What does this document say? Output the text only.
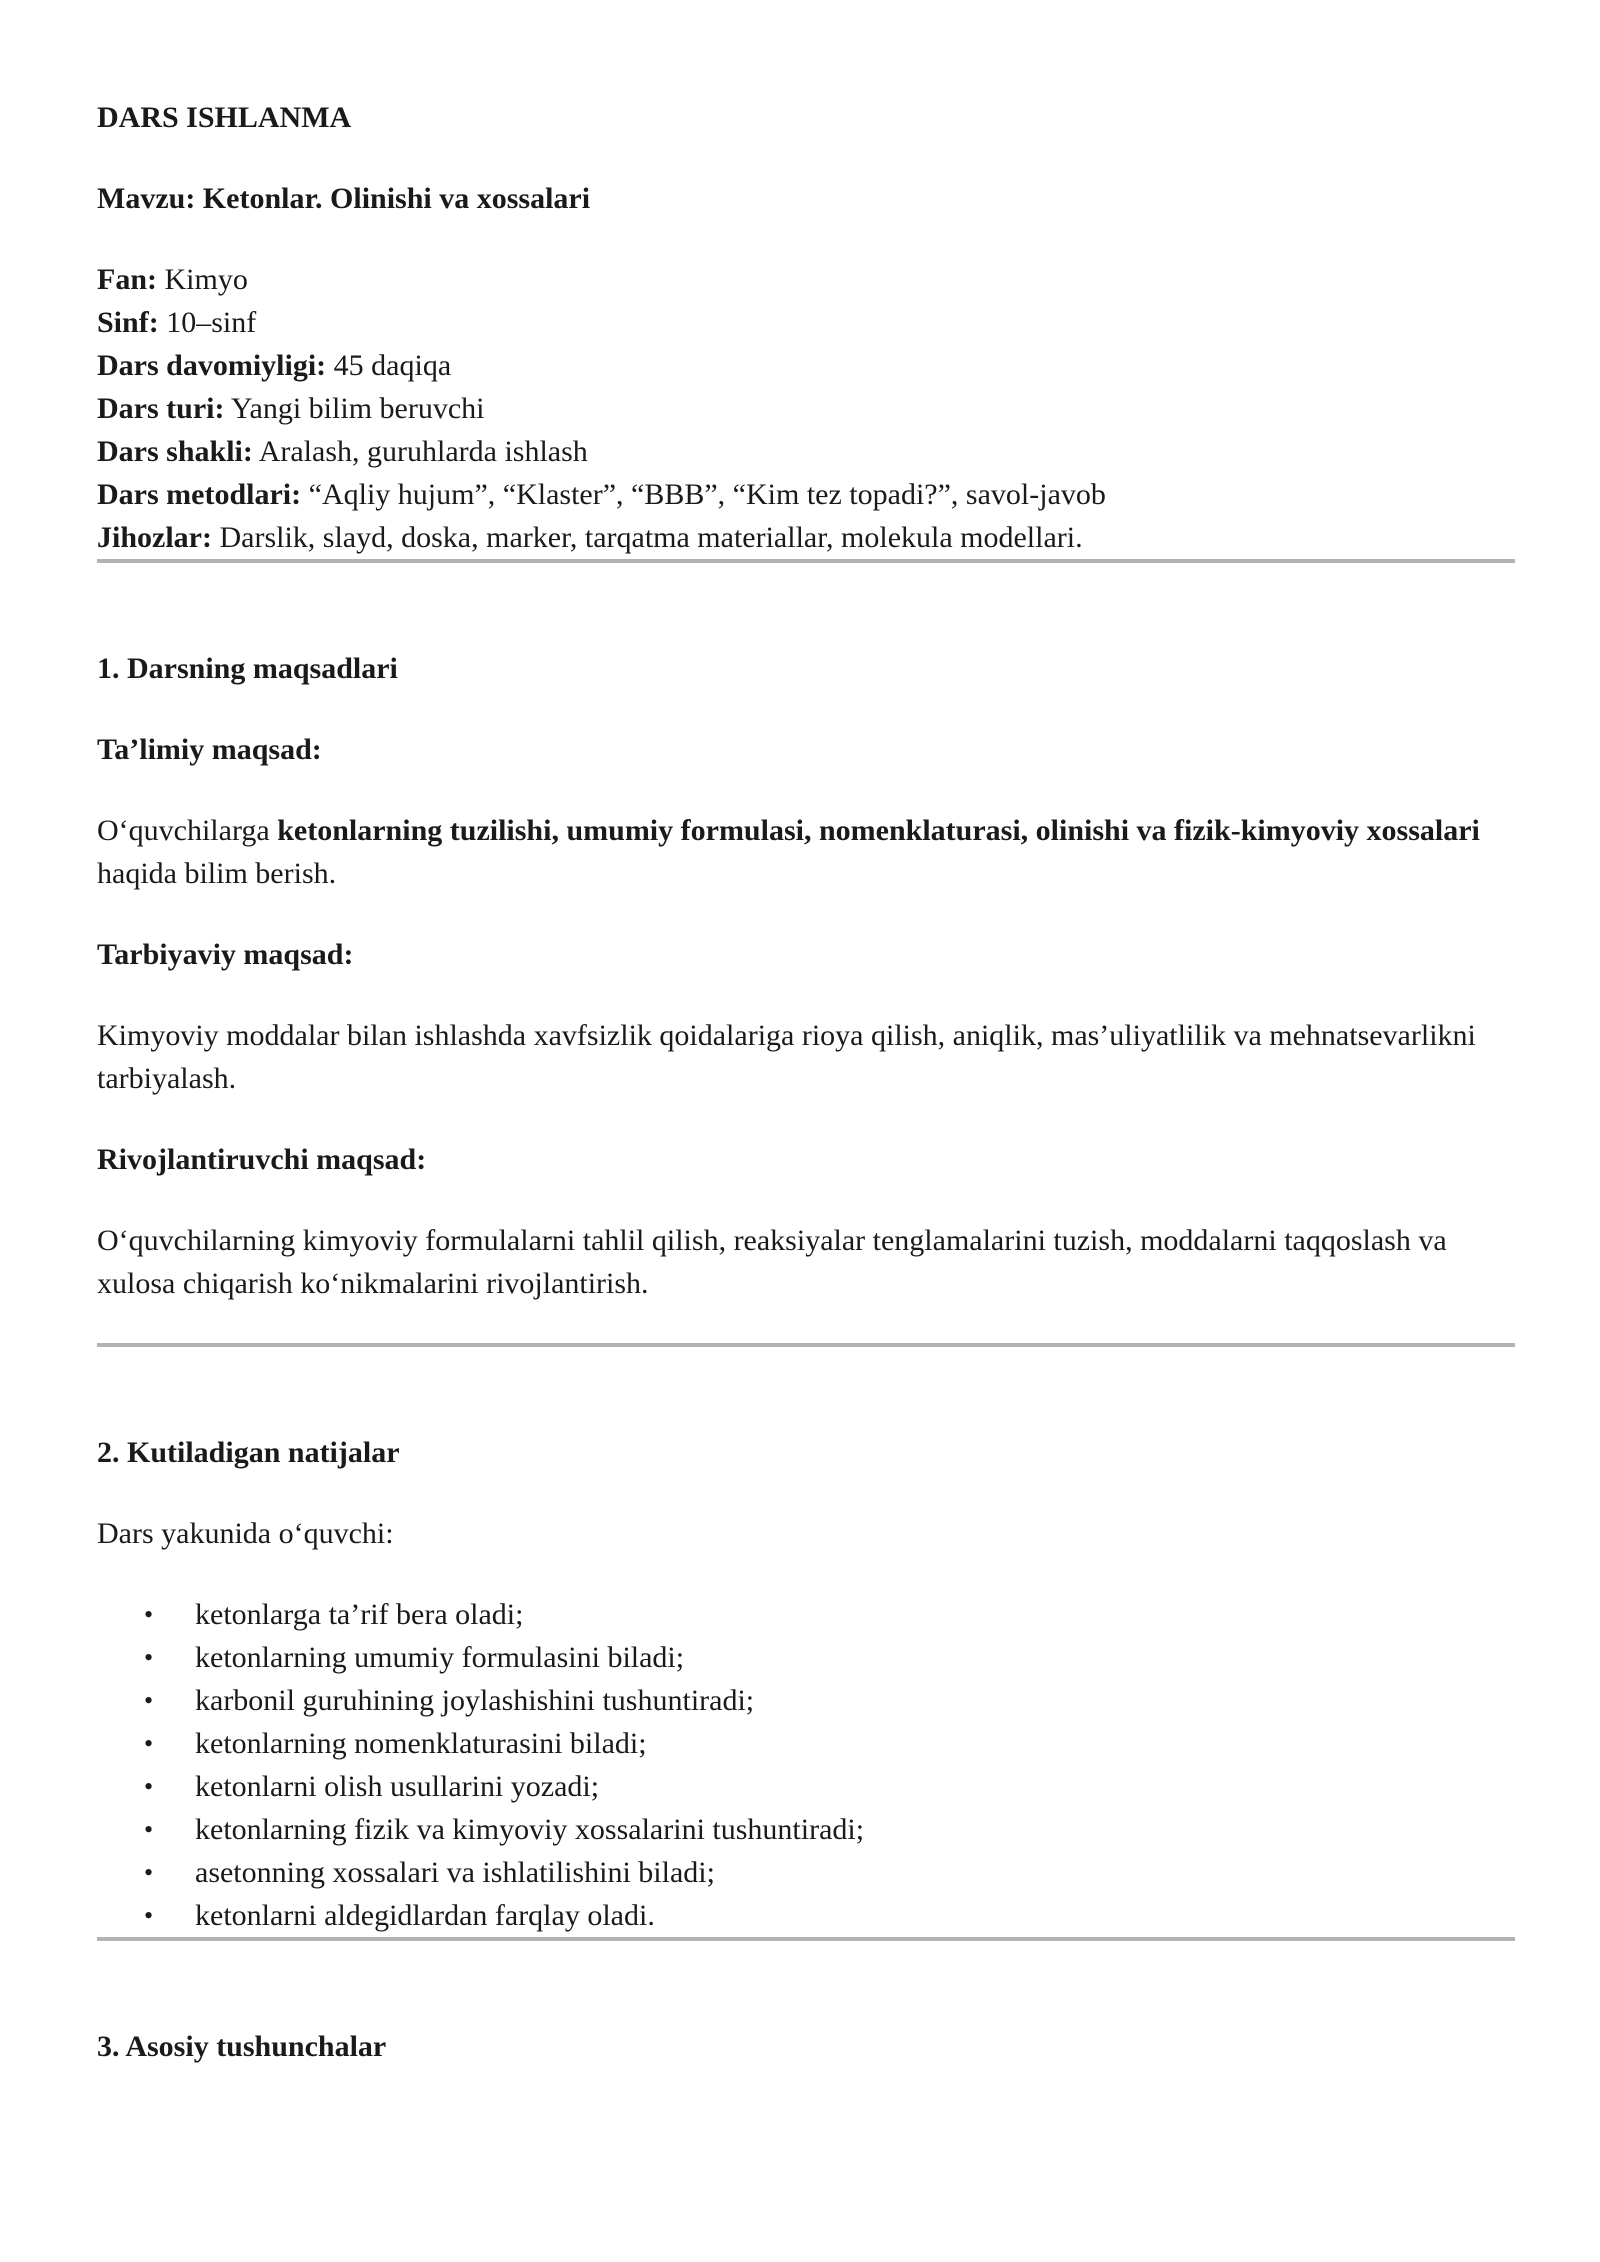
DARS ISHLANMA

Mavzu: Ketonlar. Olinishi va xossalari

Fan: Kimyo

Sinf: 10–sinf

Dars davomiyligi: 45 daqiqa

Dars turi: Yangi bilim beruvchi

Dars shakli: Aralash, guruhlarda ishlash

Dars metodlari: “Aqliy hujum”, “Klaster”, “BBB”, “Kim tez topadi?”, savol-javob

Jihozlar: Darslik, slayd, doska, marker, tarqatma materiallar, molekula modellari.

1. Darsning maqsadlari

Ta’limiy maqsad:

O‘quvchilarga ketonlarning tuzilishi, umumiy formulasi, nomenklaturasi, olinishi va fizik-kimyoviy xossalari haqida bilim berish.

Tarbiyaviy maqsad:

Kimyoviy moddalar bilan ishlashda xavfsizlik qoidalariga rioya qilish, aniqlik, mas’uliyatlilik va mehnatsevarlikni tarbiyalash.

Rivojlantiruvchi maqsad:

O‘quvchilarning kimyoviy formulalarni tahlil qilish, reaksiyalar tenglamalarini tuzish, moddalarni taqqoslash va xulosa chiqarish ko‘nikmalarini rivojlantirish.

2. Kutiladigan natijalar

Dars yakunida o‘quvchi:

• ketonlarga ta’rif bera oladi;
• ketonlarning umumiy formulasini biladi;
• karbonil guruhining joylashishini tushuntiradi;
• ketonlarning nomenklaturasini biladi;
• ketonlarni olish usullarini yozadi;
• ketonlarning fizik va kimyoviy xossalarini tushuntiradi;
• asetonning xossalari va ishlatilishini biladi;
• ketonlarni aldegidlardan farqlay oladi.

3. Asosiy tushunchalar
